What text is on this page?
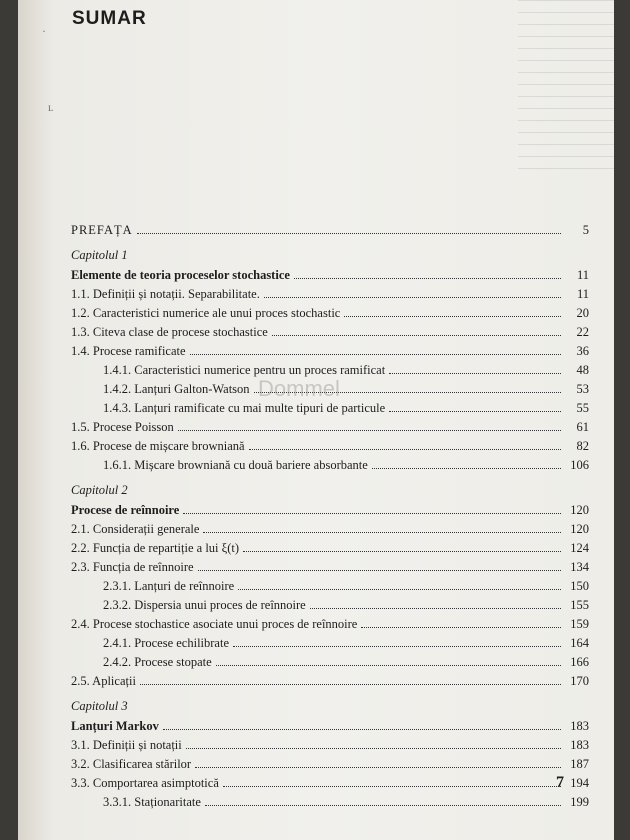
·
ʟ
SUMAR
PREFAȚA	5
Capitolul 1
Elemente de teoria proceselor stochastice	11
1.1. Definiții și notații. Separabilitate.	11
1.2. Caracteristici numerice ale unui proces stochastic	20
1.3. Citeva clase de procese stochastice	22
1.4. Procese ramificate	36
1.4.1. Caracteristici numerice pentru un proces ramificat	48
1.4.2. Lanțuri Galton-Watson	53
1.4.3. Lanțuri ramificate cu mai multe tipuri de particule	55
1.5. Procese Poisson	61
1.6. Procese de mișcare browniană	82
1.6.1. Mișcare browniană cu două bariere absorbante	106
Capitolul 2
Procese de reînnoire	120
2.1. Considerații generale	120
2.2. Funcția de repartiție a lui ξ(t)	124
2.3. Funcția de reînnoire	134
2.3.1. Lanțuri de reînnoire	150
2.3.2. Dispersia unui proces de reînnoire	155
2.4. Procese stochastice asociate unui proces de reînnoire	159
2.4.1. Procese echilibrate	164
2.4.2. Procese stopate	166
2.5. Aplicații	170
Capitolul 3
Lanțuri Markov	183
3.1. Definiții și notații	183
3.2. Clasificarea stărilor	187
3.3. Comportarea asimptotică	194
3.3.1. Staționaritate	199
Dommel
7
